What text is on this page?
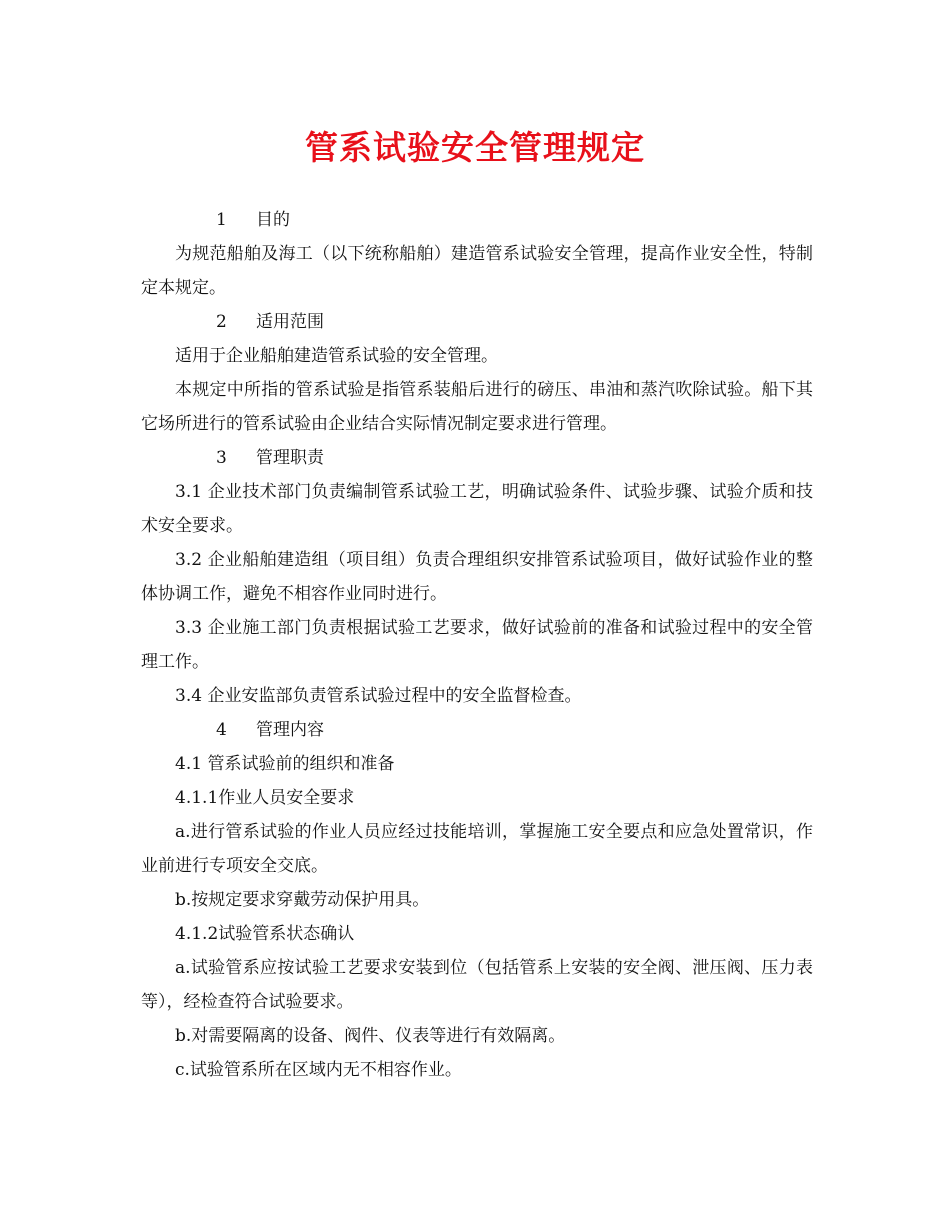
管系试验安全管理规定
1 目的

为规范船舶及海工（以下统称船舶）建造管系试验安全管理，提高作业安全性，特制定本规定。

2 适用范围

适用于企业船舶建造管系试验的安全管理。

本规定中所指的管系试验是指管系装船后进行的磅压、串油和蒸汽吹除试验。船下其它场所进行的管系试验由企业结合实际情况制定要求进行管理。

3 管理职责

3.1 企业技术部门负责编制管系试验工艺，明确试验条件、试验步骤、试验介质和技术安全要求。

3.2 企业船舶建造组（项目组）负责合理组织安排管系试验项目，做好试验作业的整体协调工作，避免不相容作业同时进行。

3.3 企业施工部门负责根据试验工艺要求，做好试验前的准备和试验过程中的安全管理工作。

3.4 企业安监部负责管系试验过程中的安全监督检查。

4 管理内容

4.1 管系试验前的组织和准备

4.1.1作业人员安全要求

a.进行管系试验的作业人员应经过技能培训，掌握施工安全要点和应急处置常识，作业前进行专项安全交底。

b.按规定要求穿戴劳动保护用具。

4.1.2试验管系状态确认

a.试验管系应按试验工艺要求安装到位（包括管系上安装的安全阀、泄压阀、压力表等），经检查符合试验要求。

b.对需要隔离的设备、阀件、仪表等进行有效隔离。

c.试验管系所在区域内无不相容作业。
